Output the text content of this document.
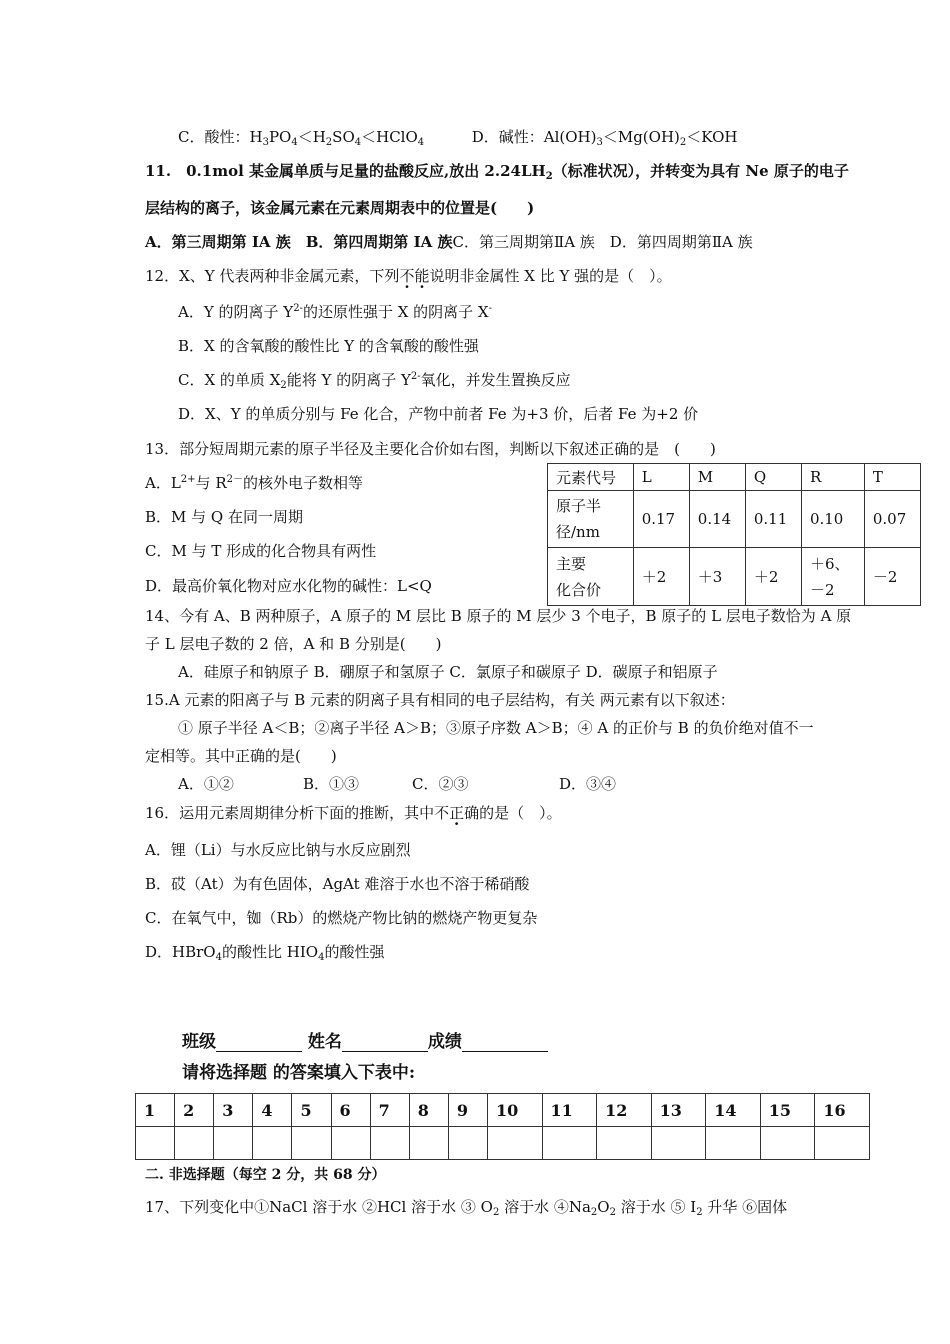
C．酸性：$H_3PO_4<H_2SO_4<HClO_4$	D．碱性：$Al(OH)_3<Mg(OH)_2<KOH$
11.　0.1mol 某金属单质与足量的盐酸反应,放出 $2.24LH_2$（标准状况），并转变为具有 Ne 原子的电子
层结构的离子，该金属元素在元素周期表中的位置是(　　)
A．第三周期第 IA 族　B．第四周期第 IA 族C．第三周期第ⅡA 族　D．第四周期第ⅡA 族
12．X、Y 代表两种非金属元素，下列不能说明非金属性 X 比 Y 强的是（　）。
A．Y 的阴离子 $Y^{2-}$的还原性强于 X 的阴离子 X-
B．X 的含氧酸的酸性比 Y 的含氧酸的酸性强
C．X 的单质 $X_2$能将 Y 的阴离子 $Y^{2-}$氧化，并发生置换反应
D．X、Y 的单质分别与 Fe 化合，产物中前者 Fe 为+3 价，后者 Fe 为+2 价
13．部分短周期元素的原子半径及主要化合价如右图，判断以下叙述正确的是　(　　)
A．$L^{2+}$与 $R^{2-}$的核外电子数相等
B．M 与 Q 在同一周期
C．M 与 T 形成的化合物具有两性
D．最高价氧化物对应水化物的碱性：L<Q
元素代号	L	M	Q	R	T
原子半
径/nm	0.17	0.14	0.11	0.10	0.07
主要
化合价	＋2	＋3	＋2	＋6、
－2	－2
14、今有 A、B 两种原子，A 原子的 M 层比 B 原子的 M 层少 3 个电子，B 原子的 L 层电子数恰为 A 原
子 L 层电子数的 2 倍，A 和 B 分别是(　　)
A．硅原子和钠原子 B．硼原子和氢原子 C．氯原子和碳原子 D．碳原子和铝原子
15.A 元素的阳离子与 B 元素的阴离子具有相同的电子层结构，有关 两元素有以下叙述：
① 原子半径 A＜B；②离子半径 A＞B；③原子序数 A＞B；④ A 的正价与 B 的负价绝对值不一
定相等。其中正确的是(　　)
A．①②	B．①③	C．②③	D．③④
16．运用元素周期律分析下面的推断，其中不正确的是（　）。
A．锂（Li）与水反应比钠与水反应剧烈
B．砹（At）为有色固体，AgAt 难溶于水也不溶于稀硝酸
C．在氧气中，铷（Rb）的燃烧产物比钠的燃烧产物更复杂
D．HBrO$_4$的酸性比 $HIO_4$的酸性强
班级	姓名	成绩
请将选择题 的答案填入下表中:
1	2	3	4	5	6	7	8	9	10	11	12	13	14	15	16

二. 非选择题（每空 2 分，共 68 分）
17、下列变化中①NaCl 溶于水 ②HCl 溶于水 ③ $O_2$ 溶于水 $④Na_2O_2$ 溶于水 ⑤ $I_2$ 升华 ⑥固体
